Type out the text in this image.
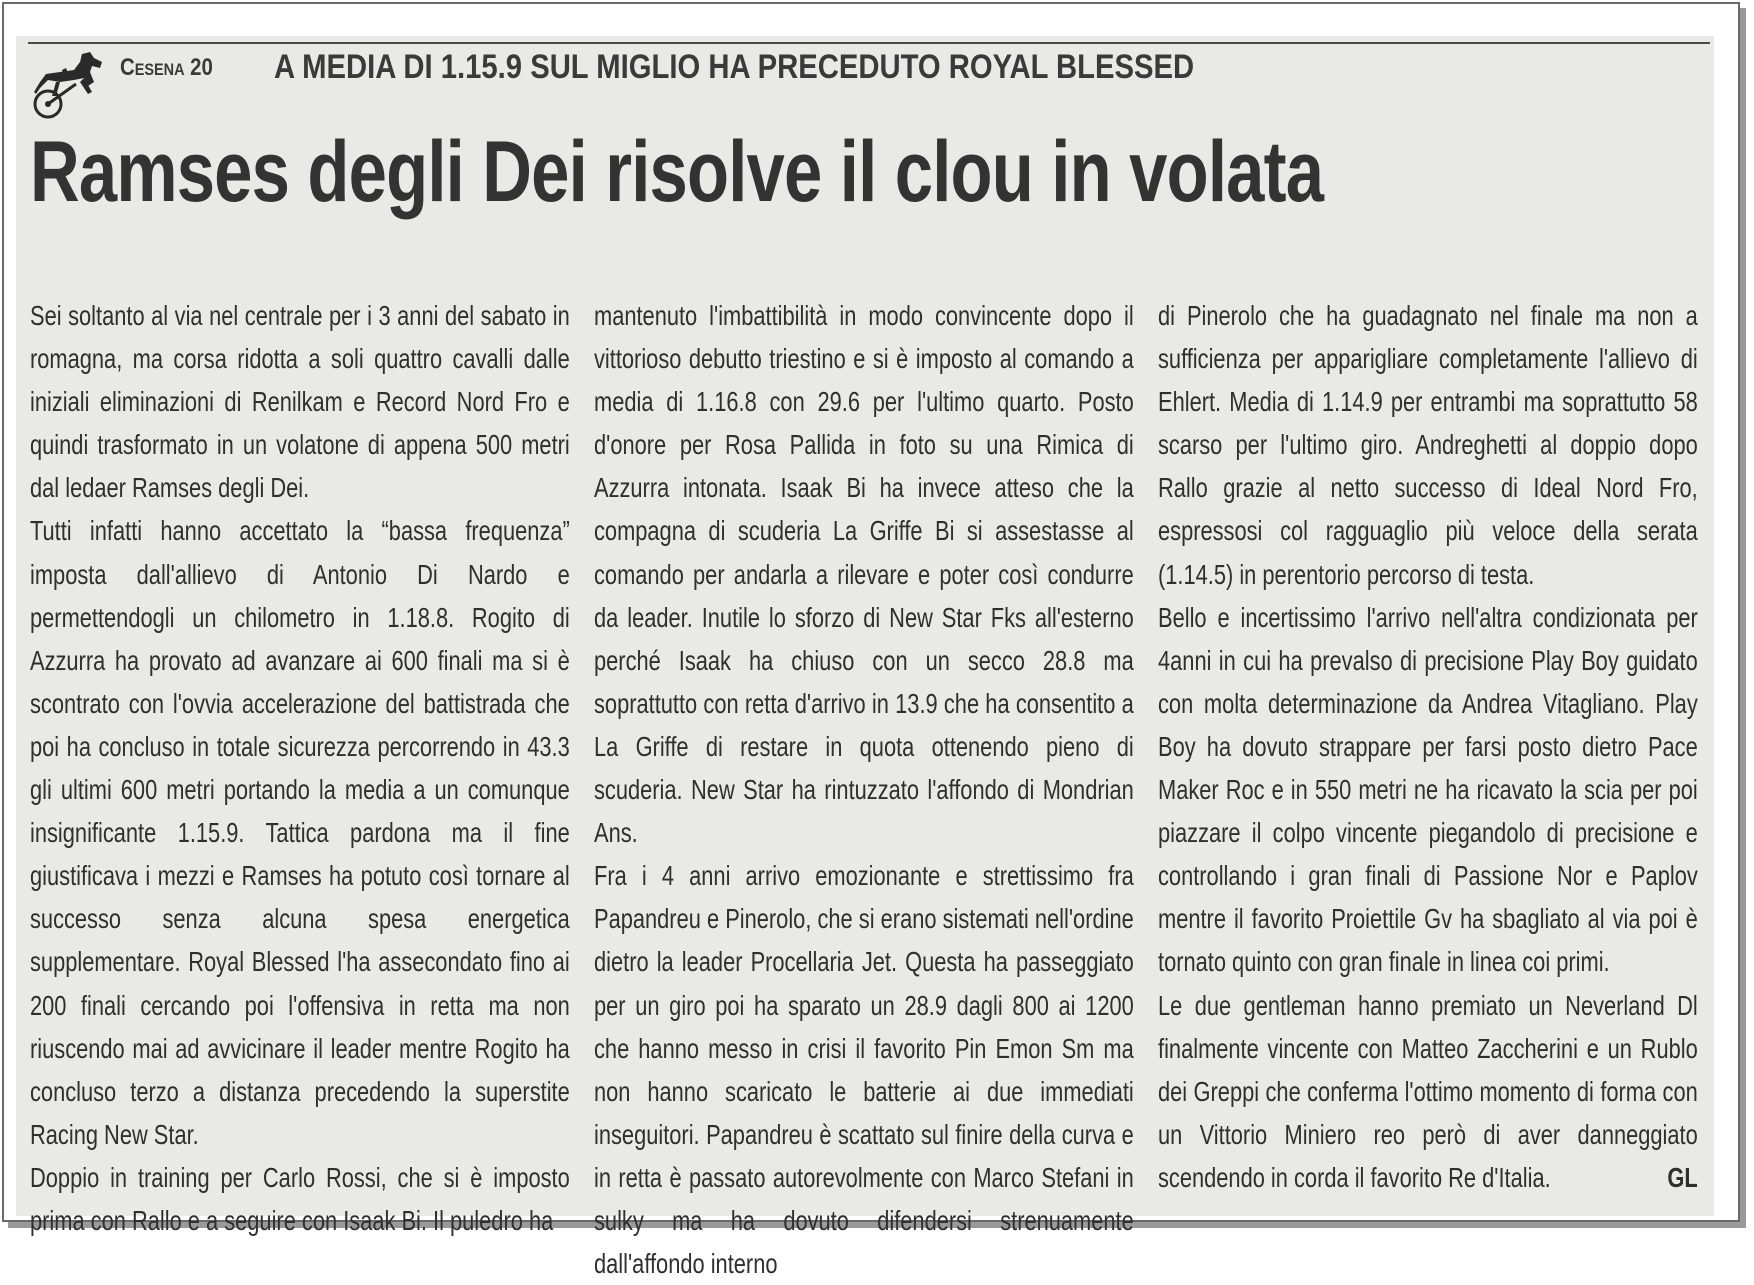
Cesena 20 A MEDIA DI 1.15.9 SUL MIGLIO HA PRECEDUTO ROYAL BLESSED
Ramses degli Dei risolve il clou in volata

Sei soltanto al via nel centrale per i 3 anni del sabato in romagna, ma corsa ridotta a soli quattro cavalli dalle iniziali eliminazioni di Renilkam e Record Nord Fro e quindi trasformato in un volatone di appena 500 metri dal ledaer Ramses degli Dei.

Tutti infatti hanno accettato la “bassa frequenza” imposta dall'allievo di Antonio Di Nardo e permettendogli un chilometro in 1.18.8. Rogito di Azzurra ha provato ad avanzare ai 600 finali ma si è scontrato con l'ovvia accelerazione del battistrada che poi ha concluso in totale sicurezza percorrendo in 43.3 gli ultimi 600 metri portando la media a un comunque insignificante 1.15.9. Tattica pardona ma il fine giustificava i mezzi e Ramses ha potuto così tornare al successo senza alcuna spesa energetica supplementare. Royal Blessed l'ha assecondato fino ai 200 finali cercando poi l'offensiva in retta ma non riuscendo mai ad avvicinare il leader mentre Rogito ha concluso terzo a distanza precedendo la superstite Racing New Star.

Doppio in training per Carlo Rossi, che si è imposto prima con Rallo e a seguire con Isaak Bi. Il puledro ha

mantenuto l'imbattibilità in modo convincente dopo il vittorioso debutto triestino e si è imposto al comando a media di 1.16.8 con 29.6 per l'ultimo quarto. Posto d'onore per Rosa Pallida in foto su una Rimica di Azzurra intonata. Isaak Bi ha invece atteso che la compagna di scuderia La Griffe Bi si assestasse al comando per andarla a rilevare e poter così condurre da leader. Inutile lo sforzo di New Star Fks all'esterno perché Isaak ha chiuso con un secco 28.8 ma soprattutto con retta d'arrivo in 13.9 che ha consentito a La Griffe di restare in quota ottenendo pieno di scuderia. New Star ha rintuzzato l'affondo di Mondrian Ans.

Fra i 4 anni arrivo emozionante e strettissimo fra Papandreu e Pinerolo, che si erano sistemati nell'ordine dietro la leader Procellaria Jet. Questa ha passeggiato per un giro poi ha sparato un 28.9 dagli 800 ai 1200 che hanno messo in crisi il favorito Pin Emon Sm ma non hanno scaricato le batterie ai due immediati inseguitori. Papandreu è scattato sul finire della curva e in retta è passato autorevolmente con Marco Stefani in sulky ma ha dovuto difendersi strenuamente dall'affondo interno

di Pinerolo che ha guadagnato nel finale ma non a sufficienza per apparigliare completamente l'allievo di Ehlert. Media di 1.14.9 per entrambi ma soprattutto 58 scarso per l'ultimo giro. Andreghetti al doppio dopo Rallo grazie al netto successo di Ideal Nord Fro, espressosi col ragguaglio più veloce della serata (1.14.5) in perentorio percorso di testa.

Bello e incertissimo l'arrivo nell'altra condizionata per 4anni in cui ha prevalso di precisione Play Boy guidato con molta determinazione da Andrea Vitagliano. Play Boy ha dovuto strappare per farsi posto dietro Pace Maker Roc e in 550 metri ne ha ricavato la scia per poi piazzare il colpo vincente piegandolo di precisione e controllando i gran finali di Passione Nor e Paplov mentre il favorito Proiettile Gv ha sbagliato al via poi è tornato quinto con gran finale in linea coi primi.

Le due gentleman hanno premiato un Neverland Dl finalmente vincente con Matteo Zaccherini e un Rublo dei Greppi che conferma l'ottimo momento di forma con un Vittorio Miniero reo però di aver danneggiato scendendo in corda il favorito Re d'Italia.	GL
